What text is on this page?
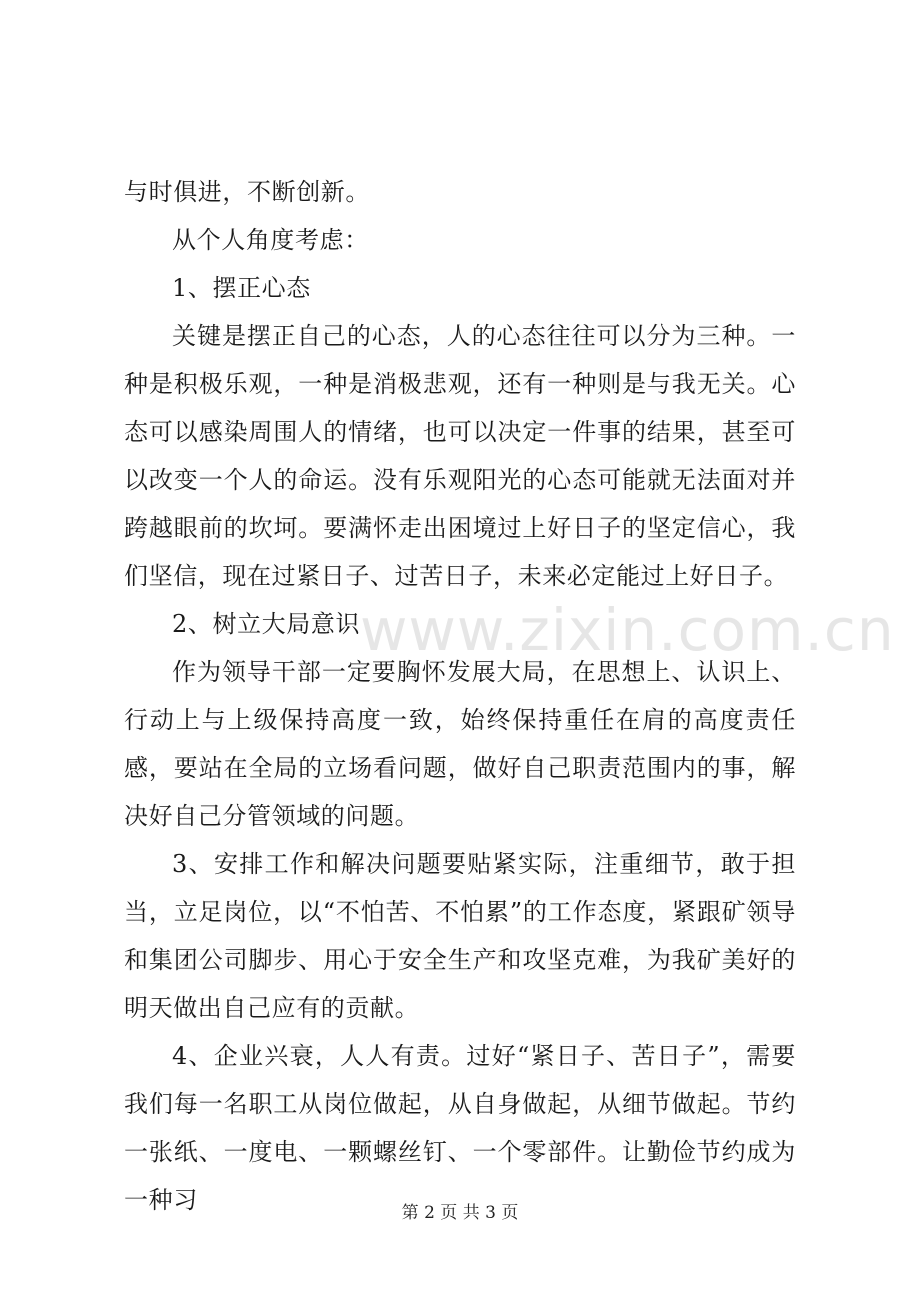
与时俱进，不断创新。

从个人角度考虑：

1、摆正心态

关键是摆正自己的心态，人的心态往往可以分为三种。一种是积极乐观，一种是消极悲观，还有一种则是与我无关。心态可以感染周围人的情绪，也可以决定一件事的结果，甚至可以改变一个人的命运。没有乐观阳光的心态可能就无法面对并跨越眼前的坎坷。要满怀走出困境过上好日子的坚定信心，我们坚信，现在过紧日子、过苦日子，未来必定能过上好日子。

2、树立大局意识

作为领导干部一定要胸怀发展大局，在思想上、认识上、行动上与上级保持高度一致，始终保持重任在肩的高度责任感，要站在全局的立场看问题，做好自己职责范围内的事，解决好自己分管领域的问题。

3、安排工作和解决问题要贴紧实际，注重细节，敢于担当，立足岗位，以“不怕苦、不怕累”的工作态度，紧跟矿领导和集团公司脚步、用心于安全生产和攻坚克难，为我矿美好的明天做出自己应有的贡献。

4、企业兴衰，人人有责。过好“紧日子、苦日子”，需要我们每一名职工从岗位做起，从自身做起，从细节做起。节约一张纸、一度电、一颗螺丝钉、一个零部件。让勤俭节约成为一种习

www.zixin.com.cn
第 2 页 共 3 页
